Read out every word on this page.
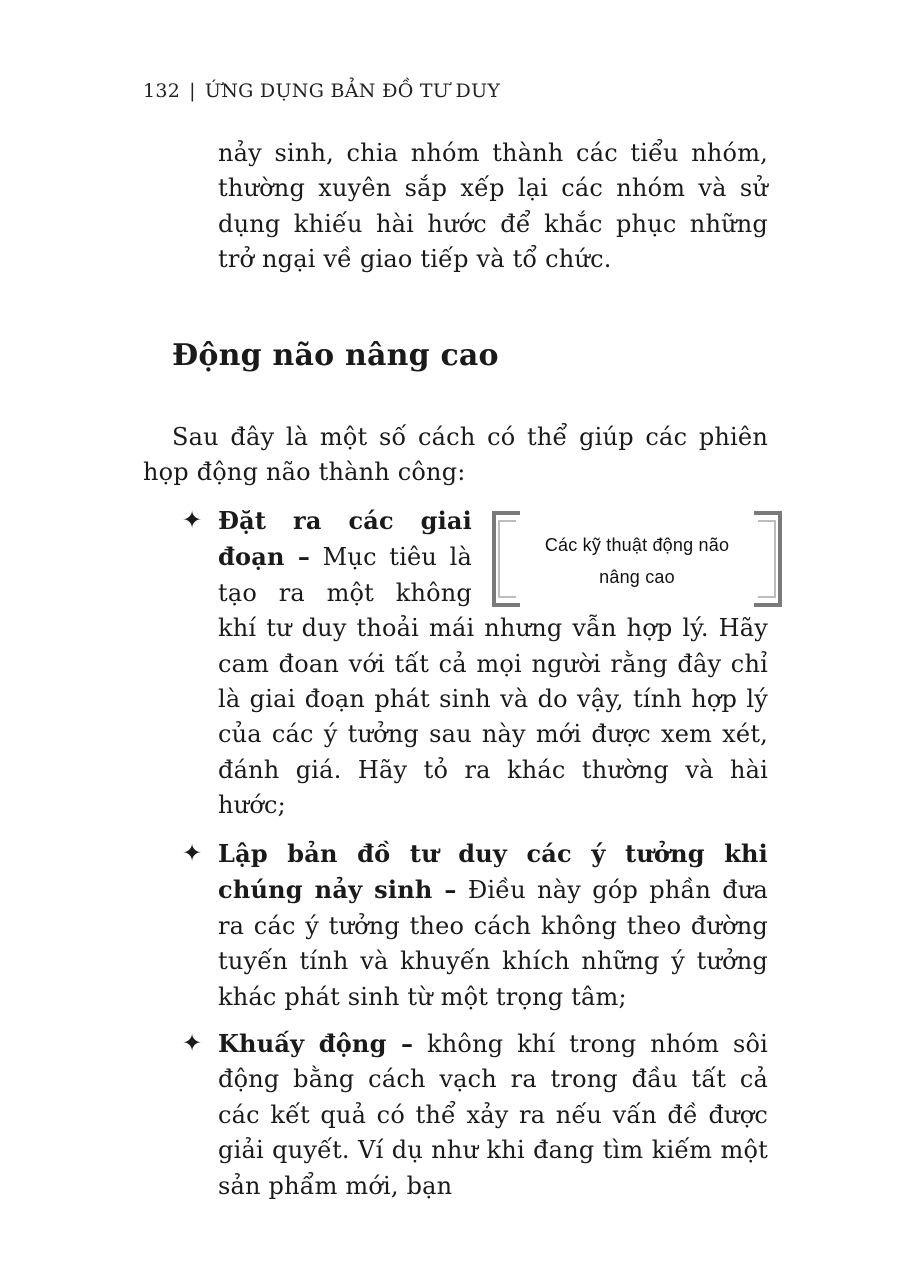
132 | ỨNG DỤNG BẢN ĐỒ TƯ DUY

nảy sinh, chia nhóm thành các tiểu nhóm, thường xuyên sắp xếp lại các nhóm và sử dụng khiếu hài hước để khắc phục những trở ngại về giao tiếp và tổ chức.

Động não nâng cao

Sau đây là một số cách có thể giúp các phiên họp động não thành công:

✦
Các kỹ thuật động não nâng cao
Đặt ra các giai đoạn – Mục tiêu là tạo ra một không khí tư duy thoải mái nhưng vẫn hợp lý. Hãy cam đoan với tất cả mọi người rằng đây chỉ là giai đoạn phát sinh và do vậy, tính hợp lý của các ý tưởng sau này mới được xem xét, đánh giá. Hãy tỏ ra khác thường và hài hước;
✦ Lập bản đồ tư duy các ý tưởng khi chúng nảy sinh – Điều này góp phần đưa ra các ý tưởng theo cách không theo đường tuyến tính và khuyến khích những ý tưởng khác phát sinh từ một trọng tâm;
✦ Khuấy động – không khí trong nhóm sôi động bằng cách vạch ra trong đầu tất cả các kết quả có thể xảy ra nếu vấn đề được giải quyết. Ví dụ như khi đang tìm kiếm một sản phẩm mới, bạn
